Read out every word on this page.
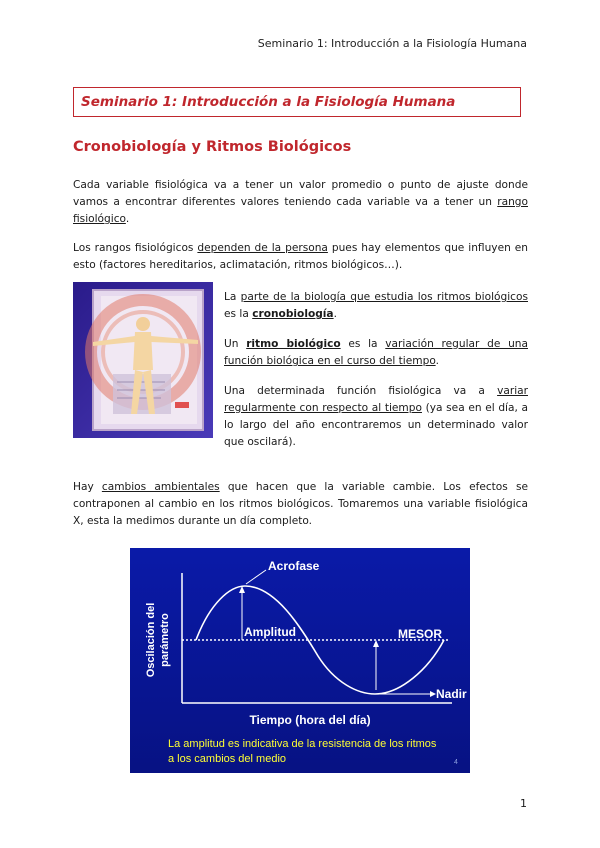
Seminario 1: Introducción a la Fisiología Humana
Seminario 1: Introducción a la Fisiología Humana
Cronobiología y Ritmos Biológicos
Cada variable fisiológica va a tener un valor promedio o punto de ajuste donde vamos a encontrar diferentes valores teniendo cada variable va a tener un rango fisiológico.
Los rangos fisiológicos dependen de la persona pues hay elementos que influyen en esto (factores hereditarios, aclimatación, ritmos biológicos…).
La parte de la biología que estudia los ritmos biológicos es la cronobiología.
Un ritmo biológico es la variación regular de una función biológica en el curso del tiempo.
Una determinada función fisiológica va a variar regularmente con respecto al tiempo (ya sea en el día, a lo largo del año encontraremos un determinado valor que oscilará).
Hay cambios ambientales que hacen que la variable cambie. Los efectos se contraponen al cambio en los ritmos biológicos. Tomaremos una variable fisiológica X, esta la medimos durante un día completo.
Acrofase
Amplitud	MESOR
Nadir
Oscilación del parámetro
Tiempo (hora del día)
La amplitud es indicativa de la resistencia de los ritmos
a los cambios del medio	4
1
